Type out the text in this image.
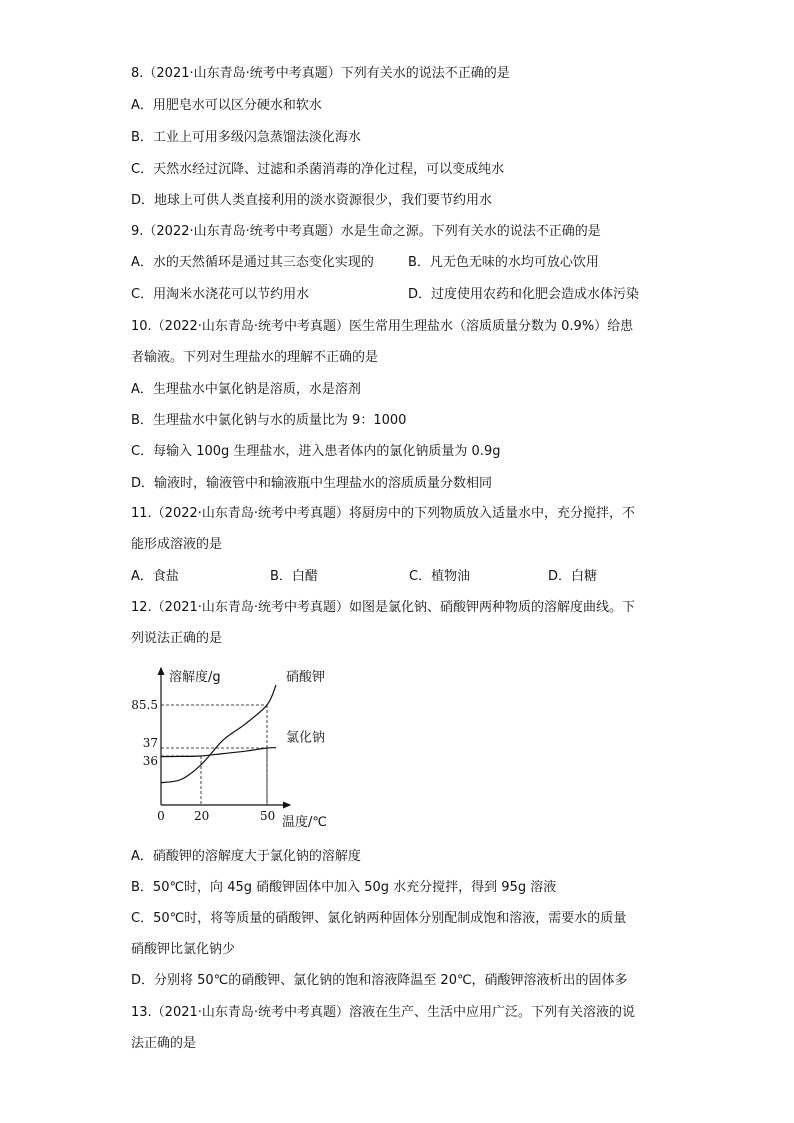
8.（2021·山东青岛·统考中考真题）下列有关水的说法不正确的是
A．用肥皂水可以区分硬水和软水
B．工业上可用多级闪急蒸馏法淡化海水
C．天然水经过沉降、过滤和杀菌消毒的净化过程，可以变成纯水
D．地球上可供人类直接利用的淡水资源很少，我们要节约用水
9.（2022·山东青岛·统考中考真题）水是生命之源。下列有关水的说法不正确的是
A．水的天然循环是通过其三态变化实现的	B．凡无色无味的水均可放心饮用
C．用淘米水浇花可以节约用水	D．过度使用农药和化肥会造成水体污染
10.（2022·山东青岛·统考中考真题）医生常用生理盐水（溶质质量分数为 0.9%）给患
者输液。下列对生理盐水的理解不正确的是
A．生理盐水中氯化钠是溶质，水是溶剂
B．生理盐水中氯化钠与水的质量比为 9：1000
C．每输入 100g 生理盐水，进入患者体内的氯化钠质量为 0.9g
D．输液时，输液管中和输液瓶中生理盐水的溶质质量分数相同
11.（2022·山东青岛·统考中考真题）将厨房中的下列物质放入适量水中，充分搅拌，不
能形成溶液的是
A．食盐	B．白醋	C．植物油	D．白糖
12.（2021·山东青岛·统考中考真题）如图是氯化钠、硝酸钾两种物质的溶解度曲线。下
列说法正确的是
硝酸钾
氯化钠
0 20	50
85.5
37
36
溶解度/g
温度/℃
A．硝酸钾的溶解度大于氯化钠的溶解度
B．50℃时，向 45g 硝酸钾固体中加入 50g 水充分搅拌，得到 95g 溶液
C．50℃时，将等质量的硝酸钾、氯化钠两种固体分别配制成饱和溶液，需要水的质量
硝酸钾比氯化钠少
D．分别将 50℃的硝酸钾、氯化钠的饱和溶液降温至 20℃，硝酸钾溶液析出的固体多
13.（2021·山东青岛·统考中考真题）溶液在生产、生活中应用广泛。下列有关溶液的说
法正确的是
